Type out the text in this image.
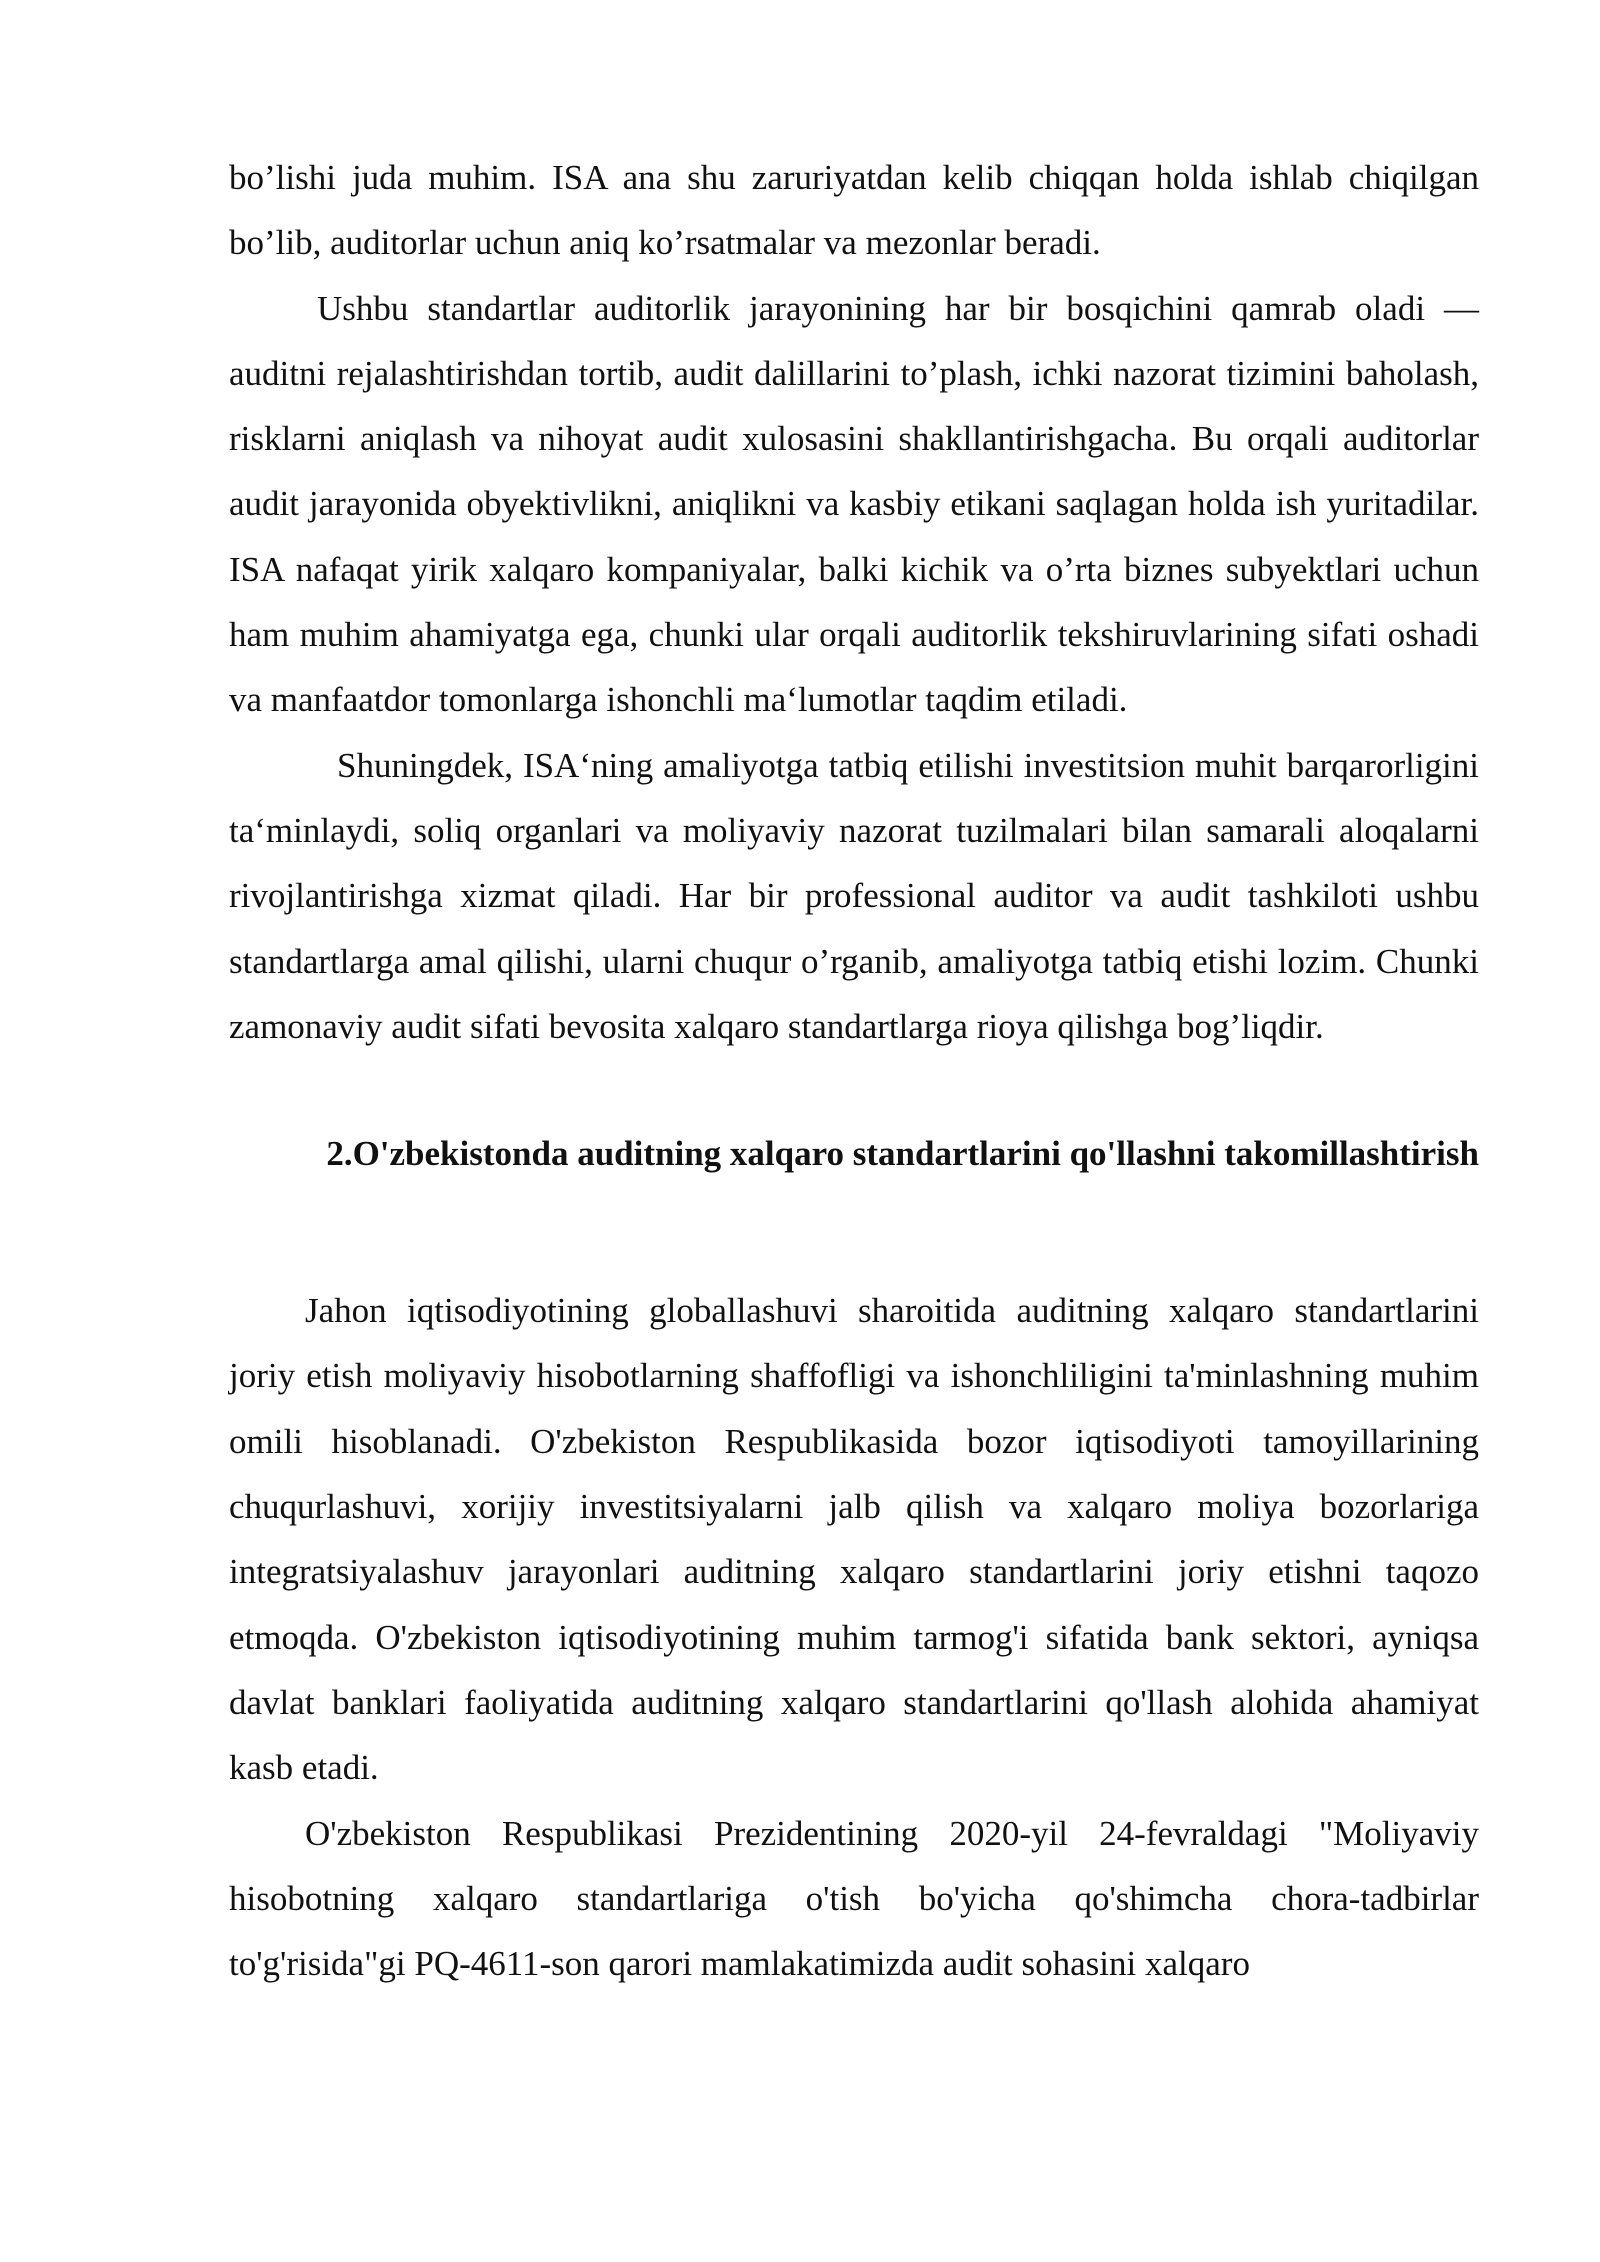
bo’lishi juda muhim. ISA ana shu zaruriyatdan kelib chiqqan holda ishlab chiqilgan bo’lib, auditorlar uchun aniq ko’rsatmalar va mezonlar beradi.

Ushbu standartlar auditorlik jarayonining har bir bosqichini qamrab oladi — auditni rejalashtirishdan tortib, audit dalillarini to’plash, ichki nazorat tizimini baholash, risklarni aniqlash va nihoyat audit xulosasini shakllantirishgacha. Bu orqali auditorlar audit jarayonida obyektivlikni, aniqlikni va kasbiy etikani saqlagan holda ish yuritadilar. ISA nafaqat yirik xalqaro kompaniyalar, balki kichik va o’rta biznes subyektlari uchun ham muhim ahamiyatga ega, chunki ular orqali auditorlik tekshiruvlarining sifati oshadi va manfaatdor tomonlarga ishonchli ma‘lumotlar taqdim etiladi.

Shuningdek, ISA‘ning amaliyotga tatbiq etilishi investitsion muhit barqarorligini ta‘minlaydi, soliq organlari va moliyaviy nazorat tuzilmalari bilan samarali aloqalarni rivojlantirishga xizmat qiladi. Har bir professional auditor va audit tashkiloti ushbu standartlarga amal qilishi, ularni chuqur o’rganib, amaliyotga tatbiq etishi lozim. Chunki zamonaviy audit sifati bevosita xalqaro standartlarga rioya qilishga bog’liqdir.

2.O'zbekistonda auditning xalqaro standartlarini qo'llashni takomillashtirish

Jahon iqtisodiyotining globallashuvi sharoitida auditning xalqaro standartlarini joriy etish moliyaviy hisobotlarning shaffofligi va ishonchliligini ta'minlashning muhim omili hisoblanadi. O'zbekiston Respublikasida bozor iqtisodiyoti tamoyillarining chuqurlashuvi, xorijiy investitsiyalarni jalb qilish va xalqaro moliya bozorlariga integratsiyalashuv jarayonlari auditning xalqaro standartlarini joriy etishni taqozo etmoqda. O'zbekiston iqtisodiyotining muhim tarmog'i sifatida bank sektori, ayniqsa davlat banklari faoliyatida auditning xalqaro standartlarini qo'llash alohida ahamiyat kasb etadi.

O'zbekiston Respublikasi Prezidentining 2020-yil 24-fevraldagi "Moliyaviy hisobotning xalqaro standartlariga o'tish bo'yicha qo'shimcha chora-tadbirlar to'g'risida"gi PQ-4611-son qarori mamlakatimizda audit sohasini xalqaro
